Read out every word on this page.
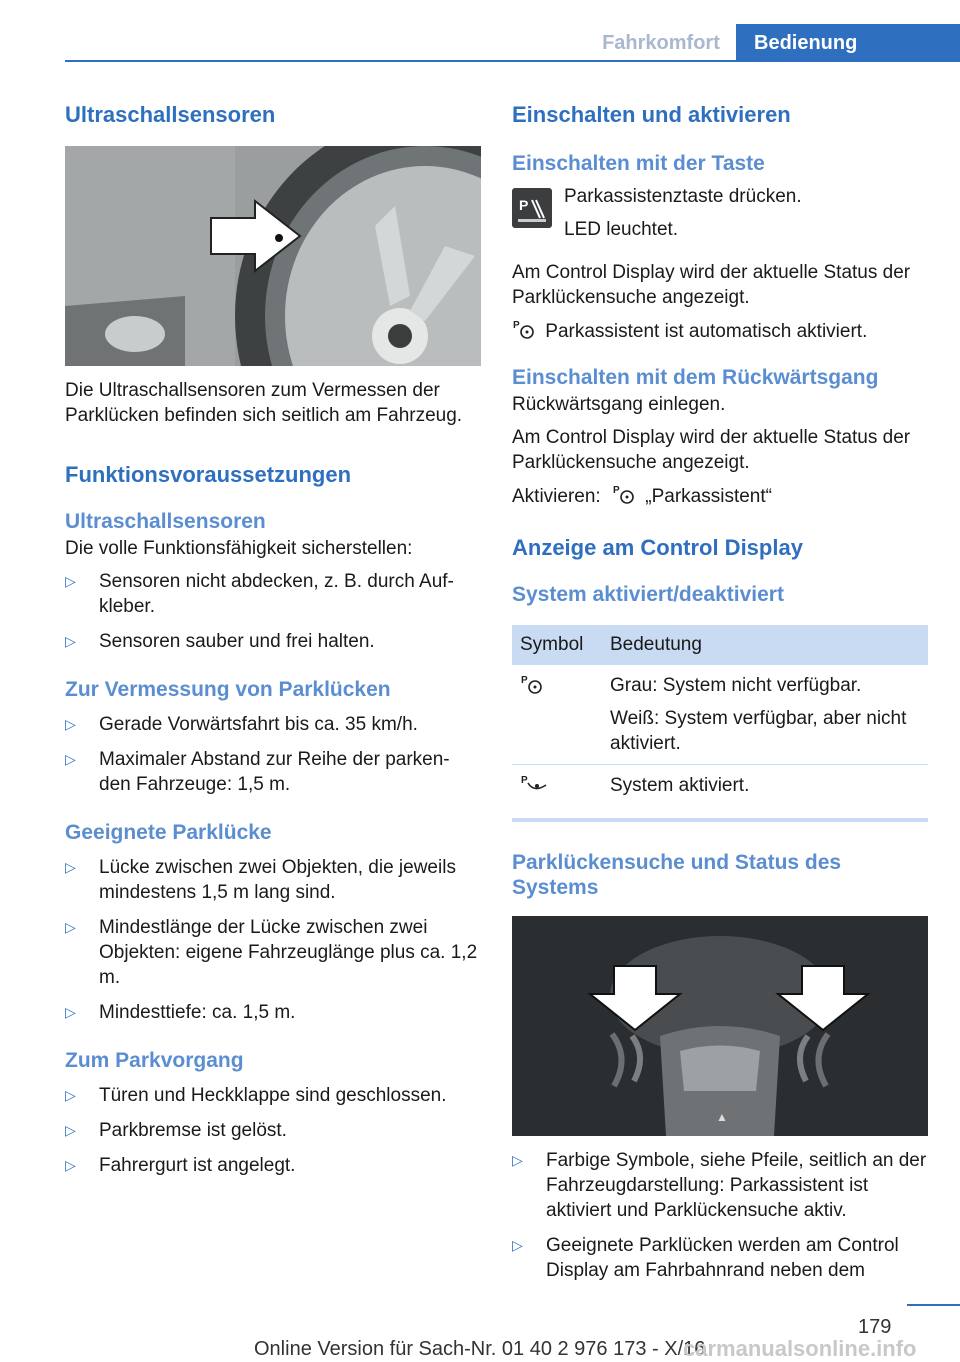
Fahrkomfort	Bedienung
Ultraschallsensoren

Die Ultraschallsensoren zum Vermessen der Parklücken befinden sich seitlich am Fahrzeug.

Funktionsvoraussetzungen
Ultraschallsensoren

Die volle Funktionsfähigkeit sicherstellen:

▷ Sensoren nicht abdecken, z. B. durch Auf‐ kleber.
▷ Sensoren sauber und frei halten.
Zur Vermessung von Parklücken
▷ Gerade Vorwärtsfahrt bis ca. 35 km/h.
▷ Maximaler Abstand zur Reihe der parken‐ den Fahrzeuge: 1,5 m.
Geeignete Parklücke
▷ Lücke zwischen zwei Objekten, die jeweils mindestens 1,5 m lang sind.
▷ Mindestlänge der Lücke zwischen zwei Objekten: eigene Fahrzeuglänge plus ca. 1,2 m.
▷ Mindesttiefe: ca. 1,5 m.
Zum Parkvorgang
▷ Türen und Heckklappe sind geschlossen.
▷ Parkbremse ist gelöst.
▷ Fahrergurt ist angelegt.
Einschalten und aktivieren
Einschalten mit der Taste
P Parkassistenztaste drücken.

LED leuchtet.

Am Control Display wird der aktuelle Status der Parklückensuche angezeigt.

P Parkassistent ist automatisch aktiviert.

Einschalten mit dem Rückwärtsgang

Rückwärtsgang einlegen.

Am Control Display wird der aktuelle Status der Parklückensuche angezeigt.

Aktivieren: P „Parkassistent“

Anzeige am Control Display
System aktiviert/deaktiviert
Symbol	Bedeutung

P	Grau: System nicht verfügbar.
Weiß: System verfügbar, aber nicht aktiviert.

P	System aktiviert.
Parklückensuche und Status des Systems
▲
▷ Farbige Symbole, siehe Pfeile, seitlich an der Fahrzeugdarstellung: Parkassistent ist aktiviert und Parklückensuche aktiv.
▷ Geeignete Parklücken werden am Control Display am Fahrbahnrand neben dem
179
Online Version für Sach-Nr. 01 40 2 976 173 - X/16
carmanualsonline.info
